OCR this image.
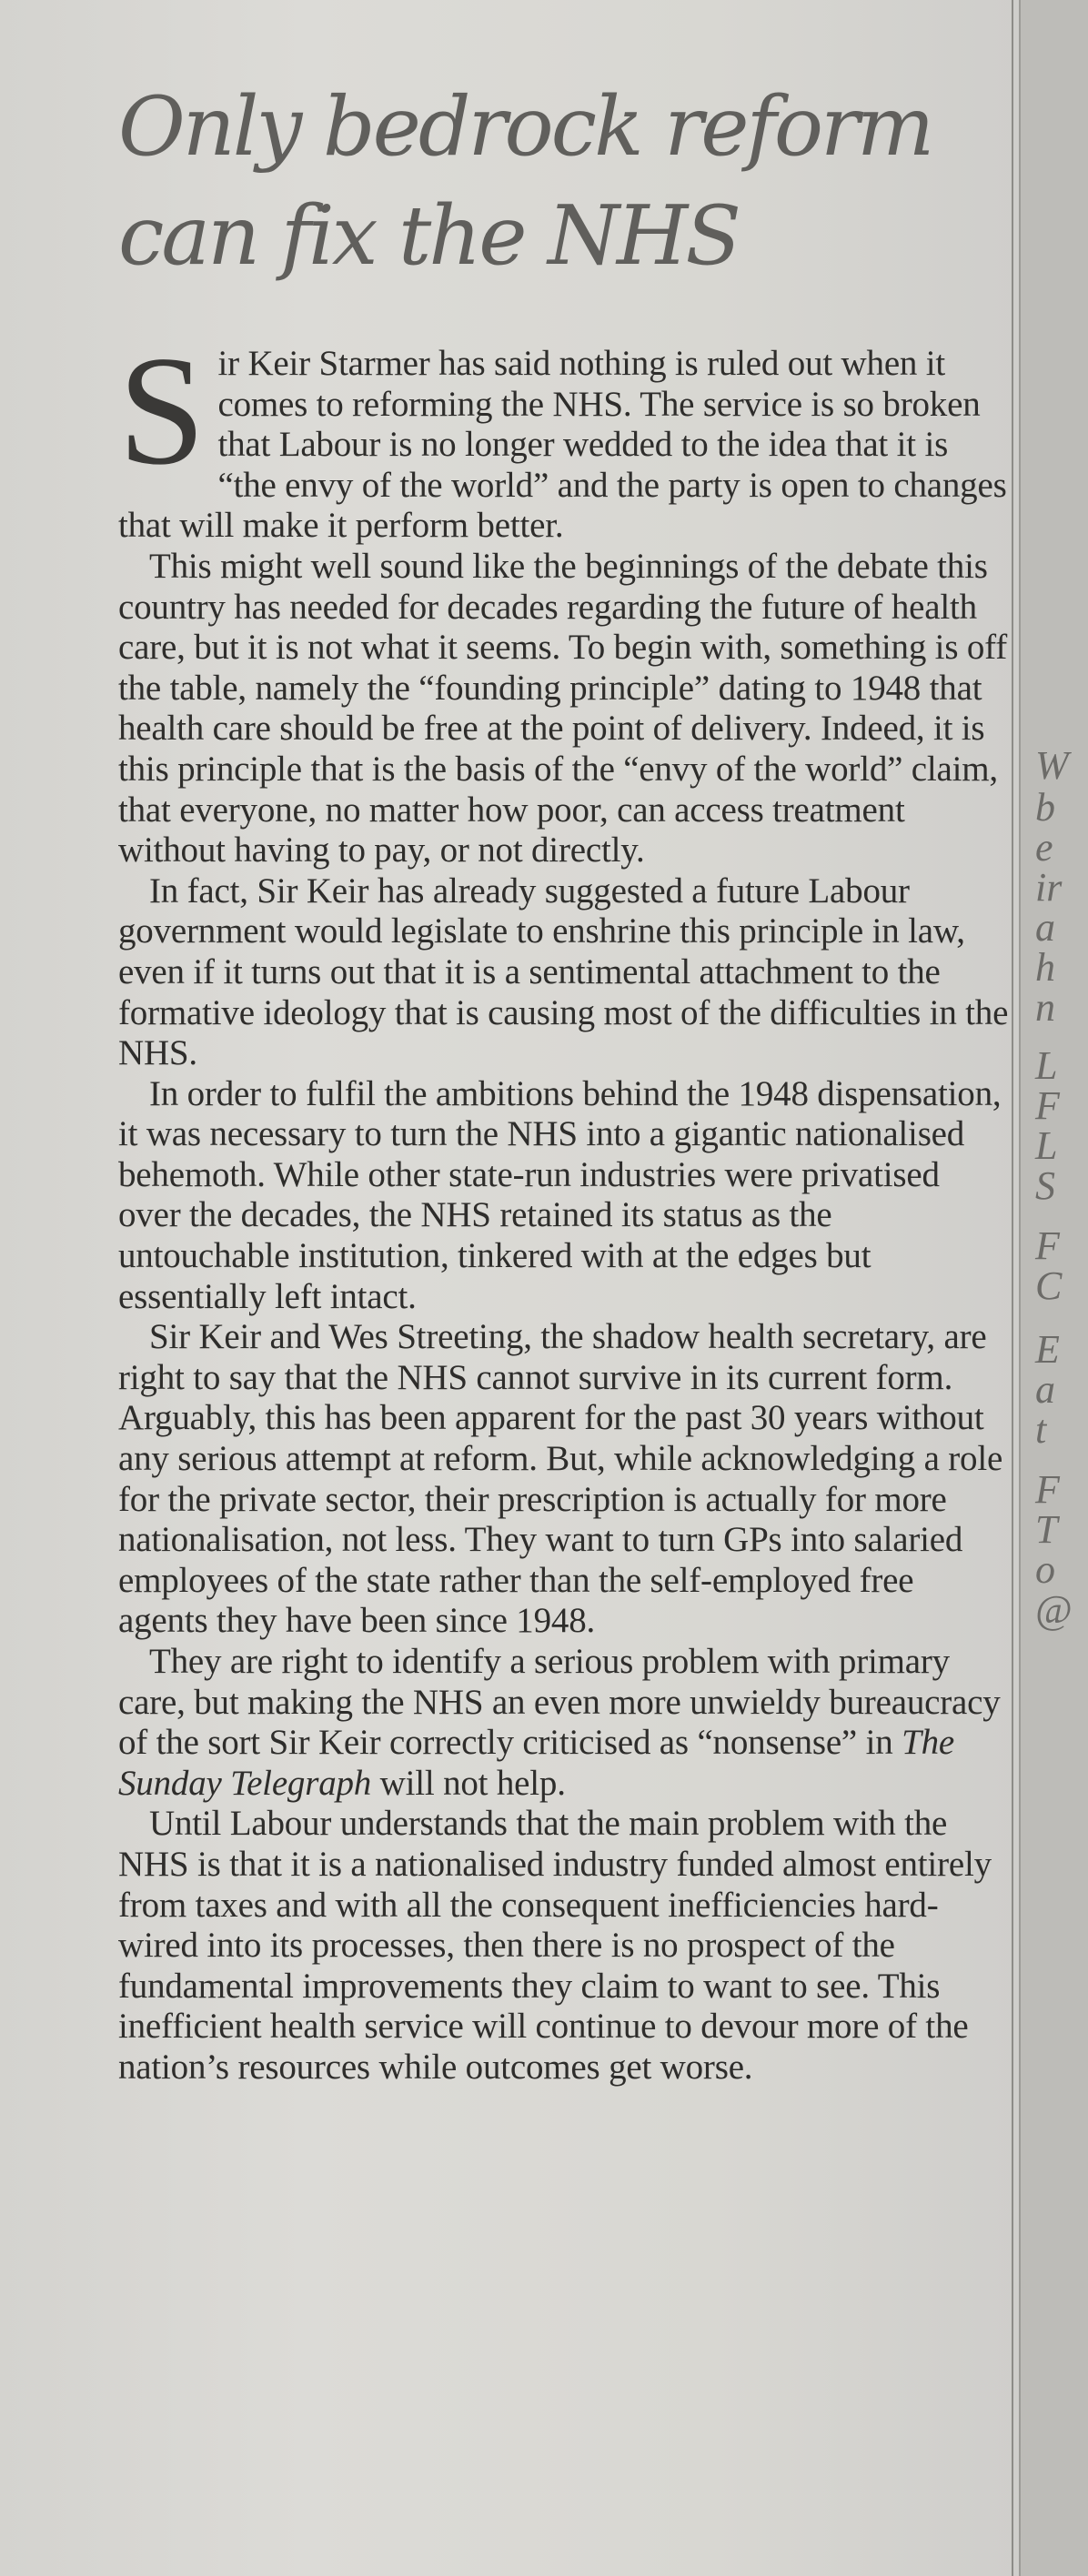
Only bedrock reform
can fix the NHS

Sir Keir Starmer has said nothing is ruled out when it comes to reforming the NHS. The service is so broken that Labour is no longer wedded to the idea that it is “the envy of the world” and the party is open to changes that will make it perform better.

This might well sound like the beginnings of the debate this country has needed for decades regarding the future of health care, but it is not what it seems. To begin with, something is off the table, namely the “founding principle” dating to 1948 that health care should be free at the point of delivery. Indeed, it is this principle that is the basis of the “envy of the world” claim, that everyone, no matter how poor, can access treatment without having to pay, or not directly.

In fact, Sir Keir has already suggested a future Labour government would legislate to enshrine this principle in law, even if it turns out that it is a sentimental attachment to the formative ideology that is causing most of the difficulties in the NHS.

In order to fulfil the ambitions behind the 1948 dispensation, it was necessary to turn the NHS into a gigantic nationalised behemoth. While other state-run industries were privatised over the decades, the NHS retained its status as the untouchable institution, tinkered with at the edges but essentially left intact.

Sir Keir and Wes Streeting, the shadow health secretary, are right to say that the NHS cannot survive in its current form. Arguably, this has been apparent for the past 30 years without any serious attempt at reform. But, while acknowledging a role for the private sector, their prescription is actually for more nationalisation, not less. They want to turn GPs into salaried employees of the state rather than the self-employed free agents they have been since 1948.

They are right to identify a serious problem with primary care, but making the NHS an even more unwieldy bureaucracy of the sort Sir Keir correctly criticised as “nonsense” in The Sunday Telegraph will not help.

Until Labour understands that the main problem with the NHS is that it is a nationalised industry funded almost entirely from taxes and with all the consequent inefficiencies hard-wired into its processes, then there is no prospect of the fundamental improvements they claim to want to see. This inefficient health service will continue to devour more of the nation’s resources while outcomes get worse.

W
b
e
ir
a
h
n
L
F
L
S
F
C
E
a
t
F
T
o
@
